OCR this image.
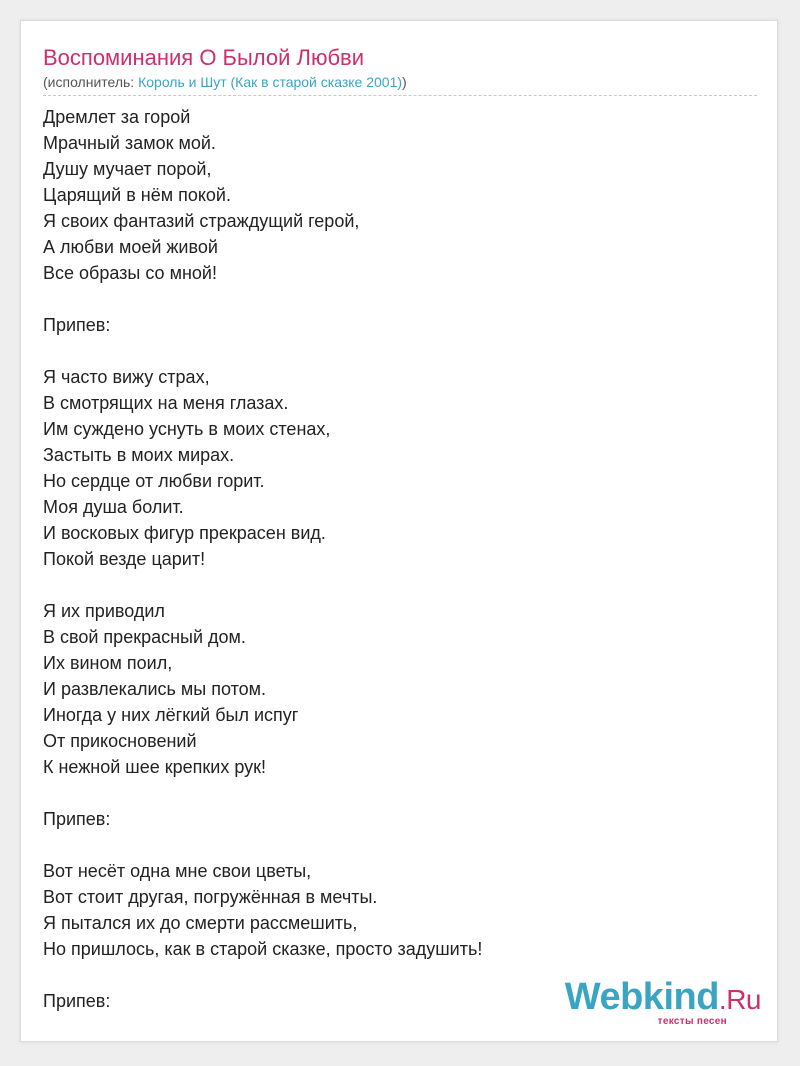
Воспоминания О Былой Любви
(исполнитель: Король и Шут (Как в старой сказке 2001))
Дремлет за горой
Мрачный замок мой.
Душу мучает порой,
Царящий в нём покой.
Я своих фантазий страждущий герой,
А любви моей живой
Все образы со мной!
Припев:
Я часто вижу страх,
В смотрящих на меня глазах.
Им суждено уснуть в моих стенах,
Застыть в моих мирах.
Но сердце от любви горит.
Моя душа болит.
И восковых фигур прекрасен вид.
Покой везде царит!
Я их приводил
В свой прекрасный дом.
Их вином поил,
И развлекались мы потом.
Иногда у них лёгкий был испуг
От прикосновений
К нежной шее крепких рук!
Припев:
Вот несёт одна мне свои цветы,
Вот стоит другая, погружённая в мечты.
Я пытался их до смерти рассмешить,
Но пришлось, как в старой сказке, просто задушить!
Припев:	Webkind.Ru
тексты песен
